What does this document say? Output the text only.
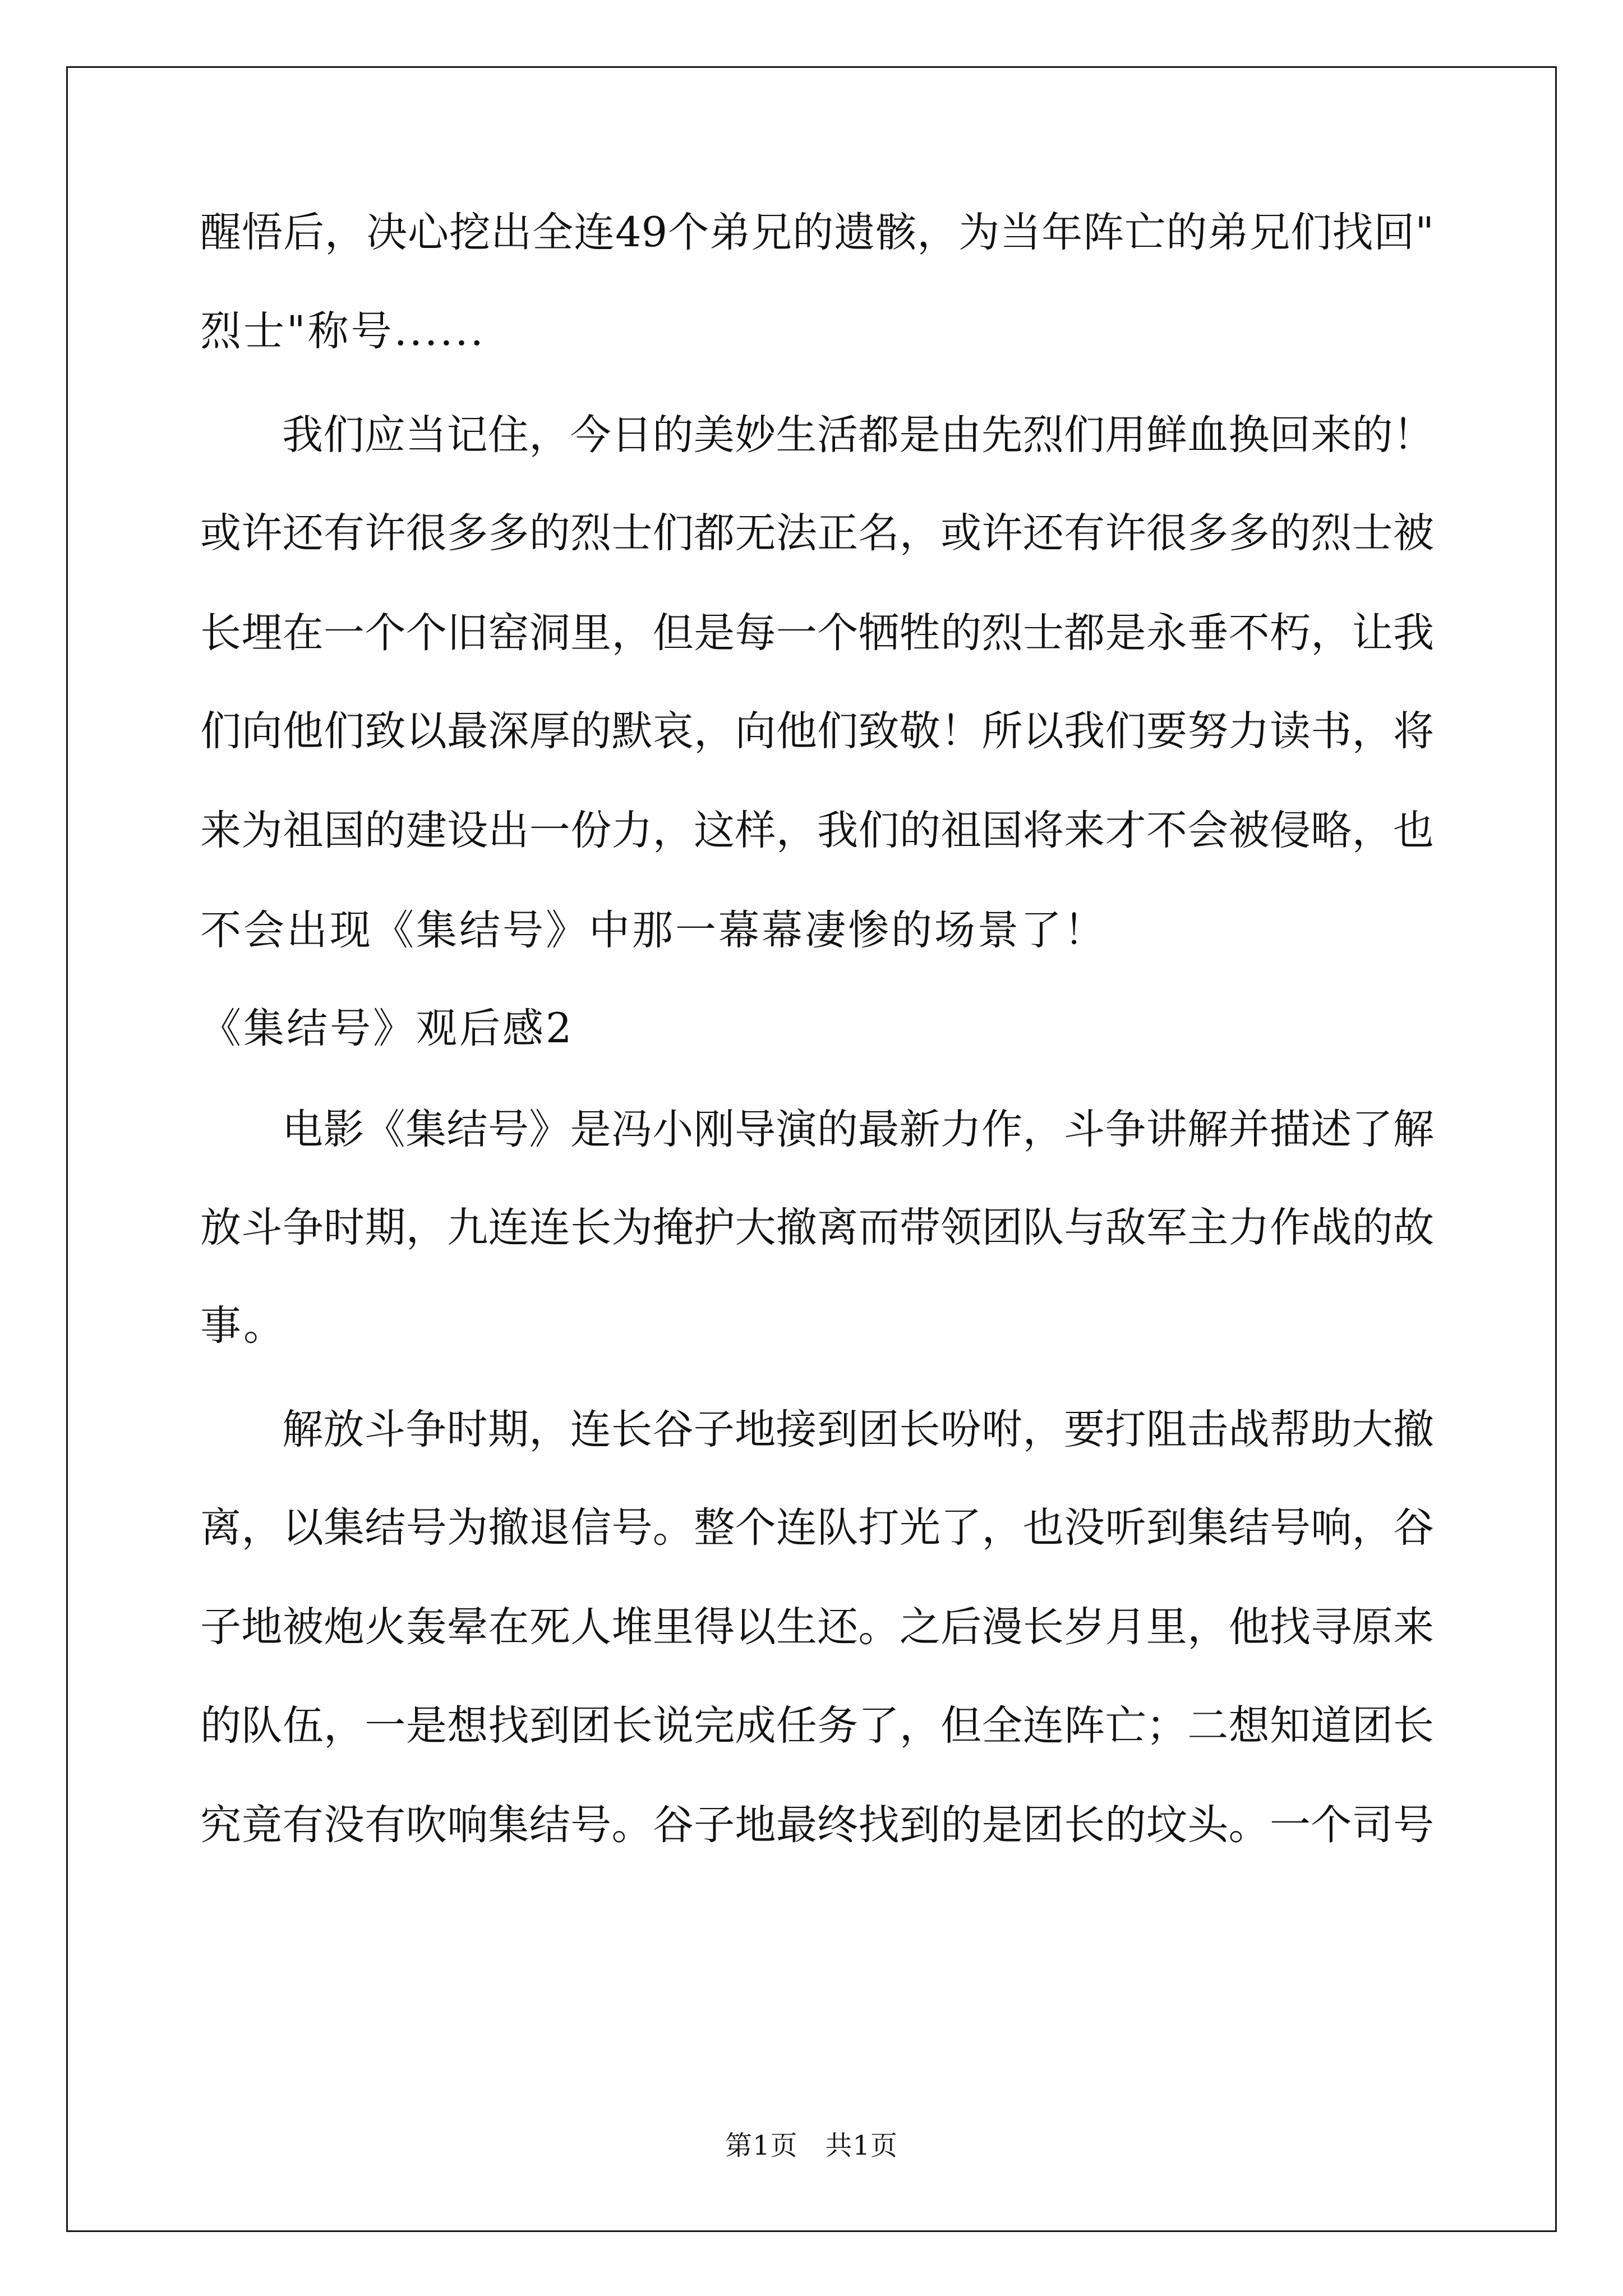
醒悟后，决心挖出全连49个弟兄的遗骸，为当年阵亡的弟兄们找回"
烈士"称号......
我们应当记住，今日的美妙生活都是由先烈们用鲜血换回来的！
或许还有许很多多的烈士们都无法正名，或许还有许很多多的烈士被
长埋在一个个旧窑洞里，但是每一个牺牲的烈士都是永垂不朽，让我
们向他们致以最深厚的默哀，向他们致敬！所以我们要努力读书，将
来为祖国的建设出一份力，这样，我们的祖国将来才不会被侵略，也
不会出现《集结号》中那一幕幕凄惨的场景了！
《集结号》观后感2
电影《集结号》是冯小刚导演的最新力作，斗争讲解并描述了解
放斗争时期，九连连长为掩护大撤离而带领团队与敌军主力作战的故
事。
解放斗争时期，连长谷子地接到团长吩咐，要打阻击战帮助大撤
离，以集结号为撤退信号。整个连队打光了，也没听到集结号响，谷
子地被炮火轰晕在死人堆里得以生还。之后漫长岁月里，他找寻原来
的队伍，一是想找到团长说完成任务了，但全连阵亡；二想知道团长
究竟有没有吹响集结号。谷子地最终找到的是团长的坟头。一个司号
第1页　共1页
